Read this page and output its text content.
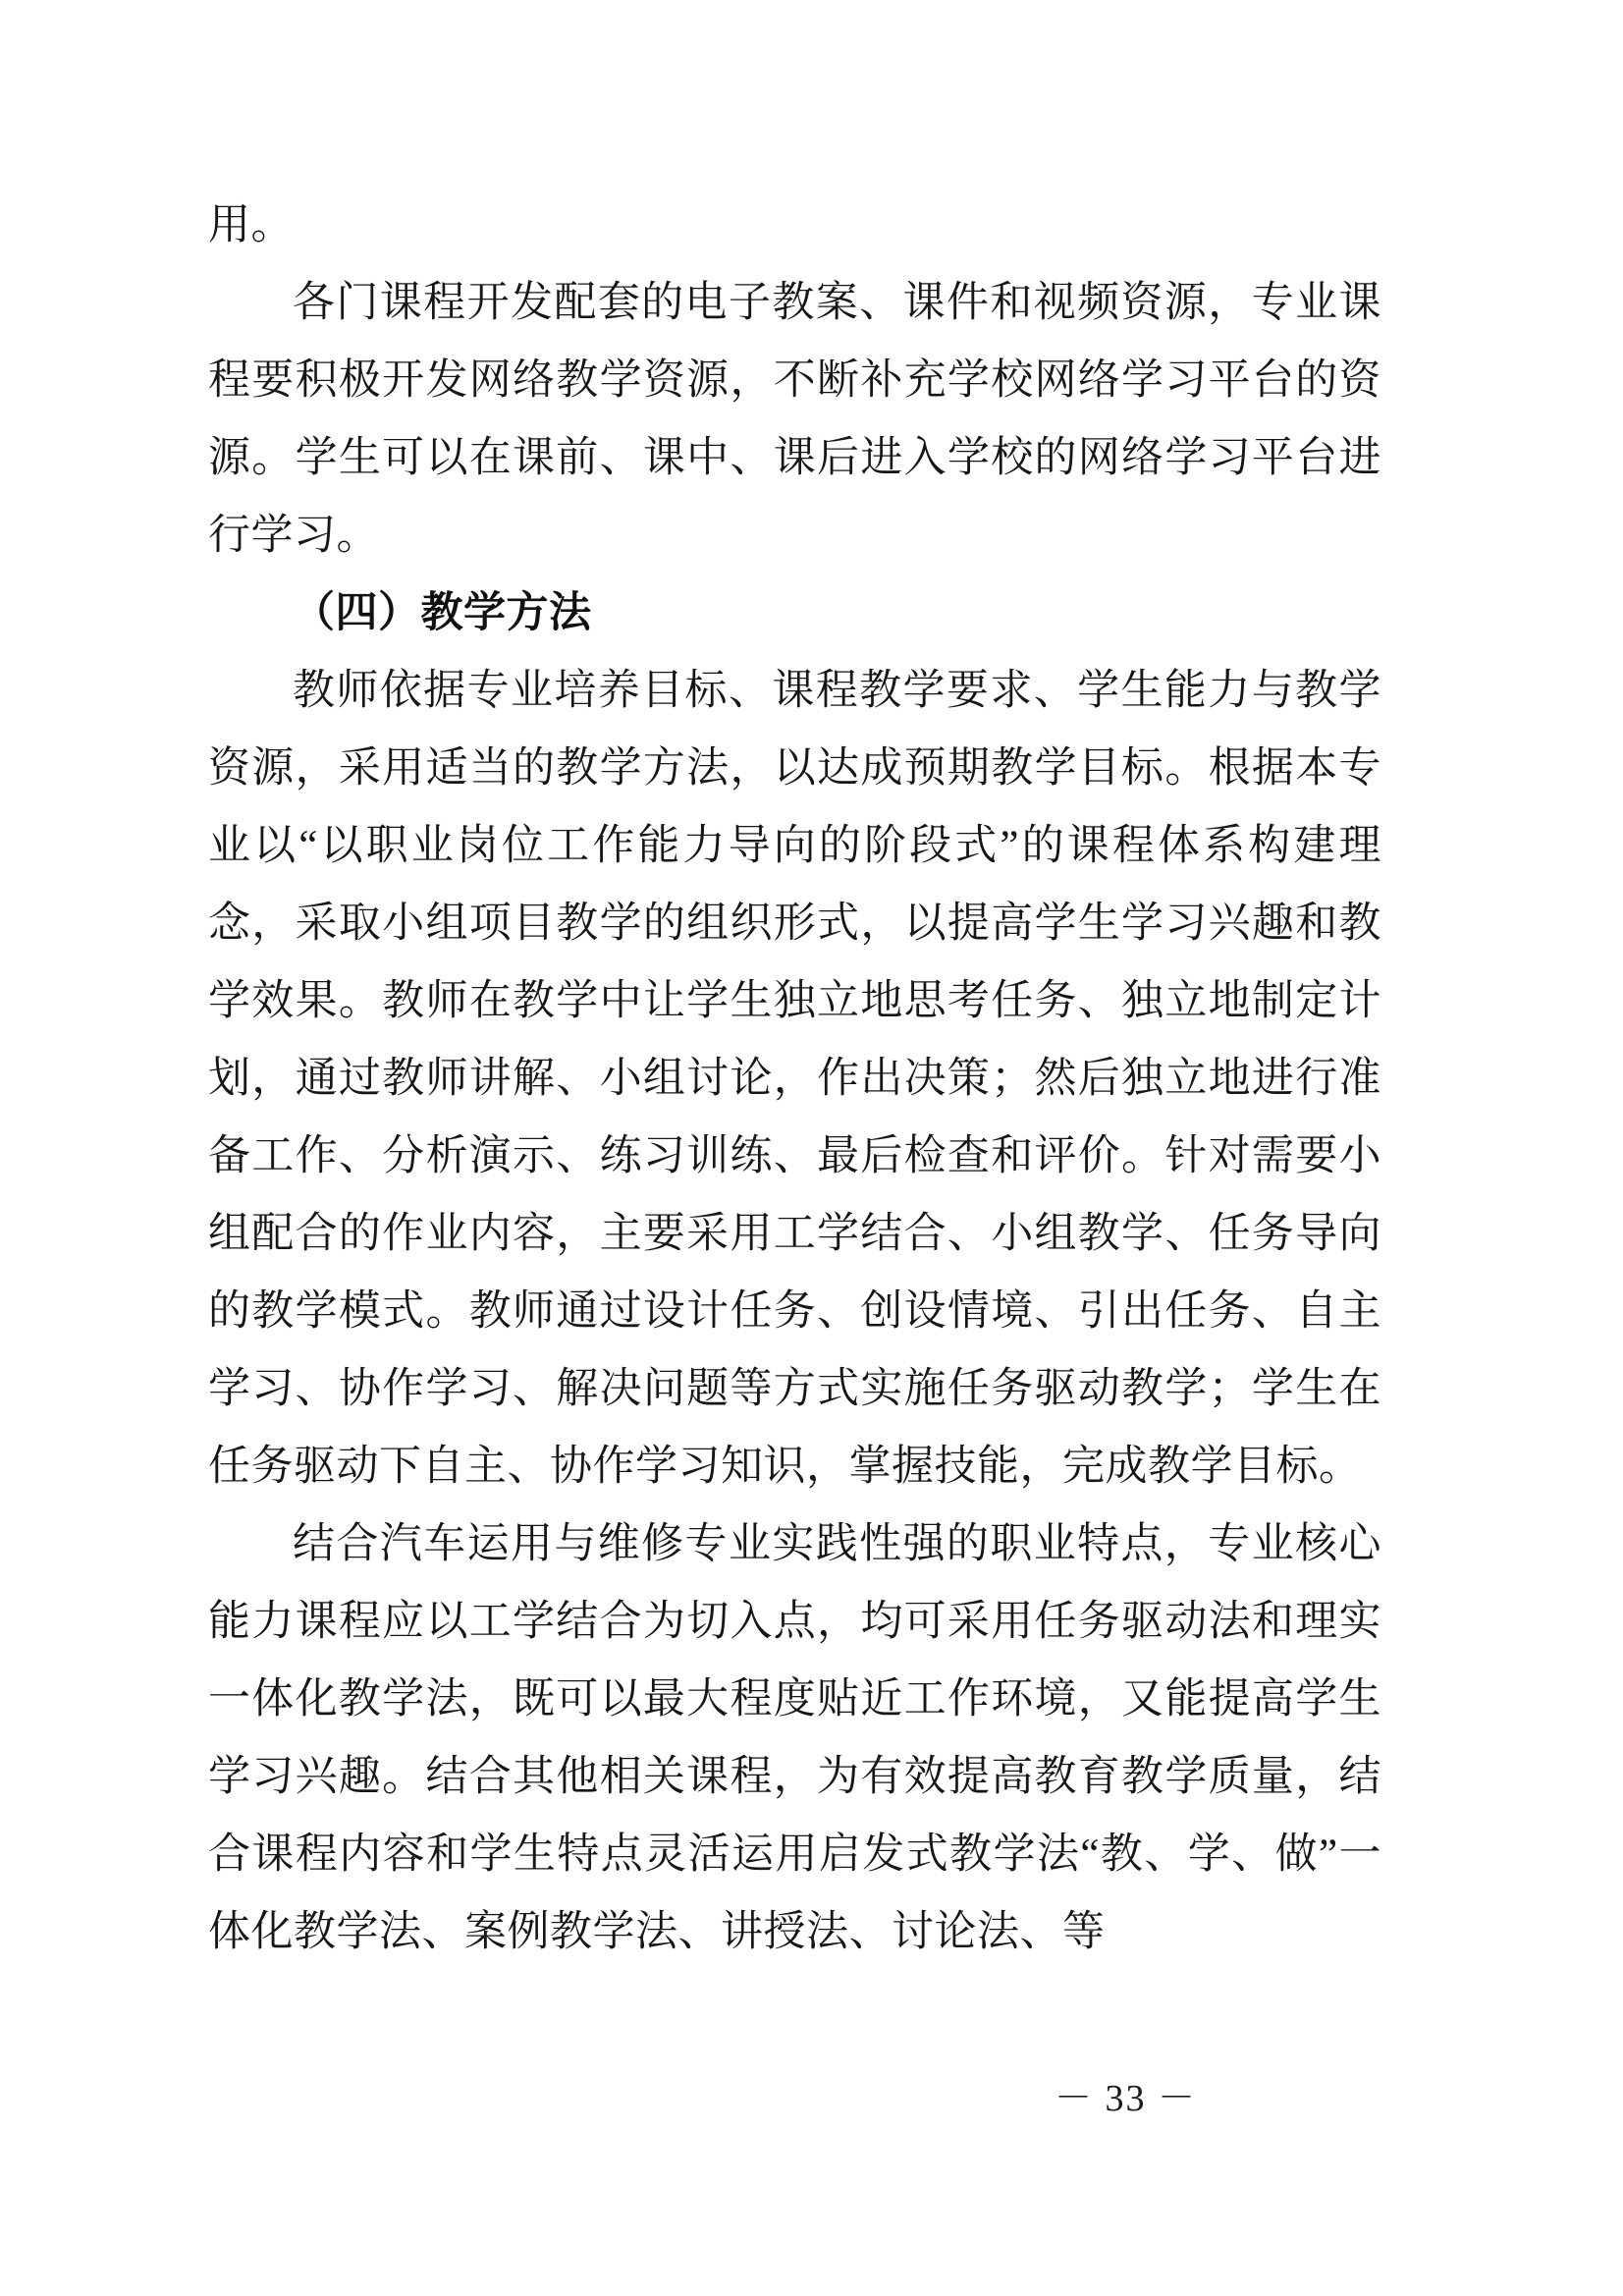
用。

各门课程开发配套的电子教案、课件和视频资源，专业课程要积极开发网络教学资源，不断补充学校网络学习平台的资源。学生可以在课前、课中、课后进入学校的网络学习平台进行学习。

（四）教学方法

教师依据专业培养目标、课程教学要求、学生能力与教学资源，采用适当的教学方法，以达成预期教学目标。根据本专业以“以职业岗位工作能力导向的阶段式”的课程体系构建理念，采取小组项目教学的组织形式，以提高学生学习兴趣和教学效果。教师在教学中让学生独立地思考任务、独立地制定计划，通过教师讲解、小组讨论，作出决策；然后独立地进行准备工作、分析演示、练习训练、最后检查和评价。针对需要小组配合的作业内容，主要采用工学结合、小组教学、任务导向的教学模式。教师通过设计任务、创设情境、引出任务、自主学习、协作学习、解决问题等方式实施任务驱动教学；学生在任务驱动下自主、协作学习知识，掌握技能，完成教学目标。

结合汽车运用与维修专业实践性强的职业特点，专业核心能力课程应以工学结合为切入点，均可采用任务驱动法和理实一体化教学法，既可以最大程度贴近工作环境，又能提高学生学习兴趣。结合其他相关课程，为有效提高教育教学质量，结合课程内容和学生特点灵活运用启发式教学法“教、学、做”一体化教学法、案例教学法、讲授法、讨论法、等

－ 33 －
